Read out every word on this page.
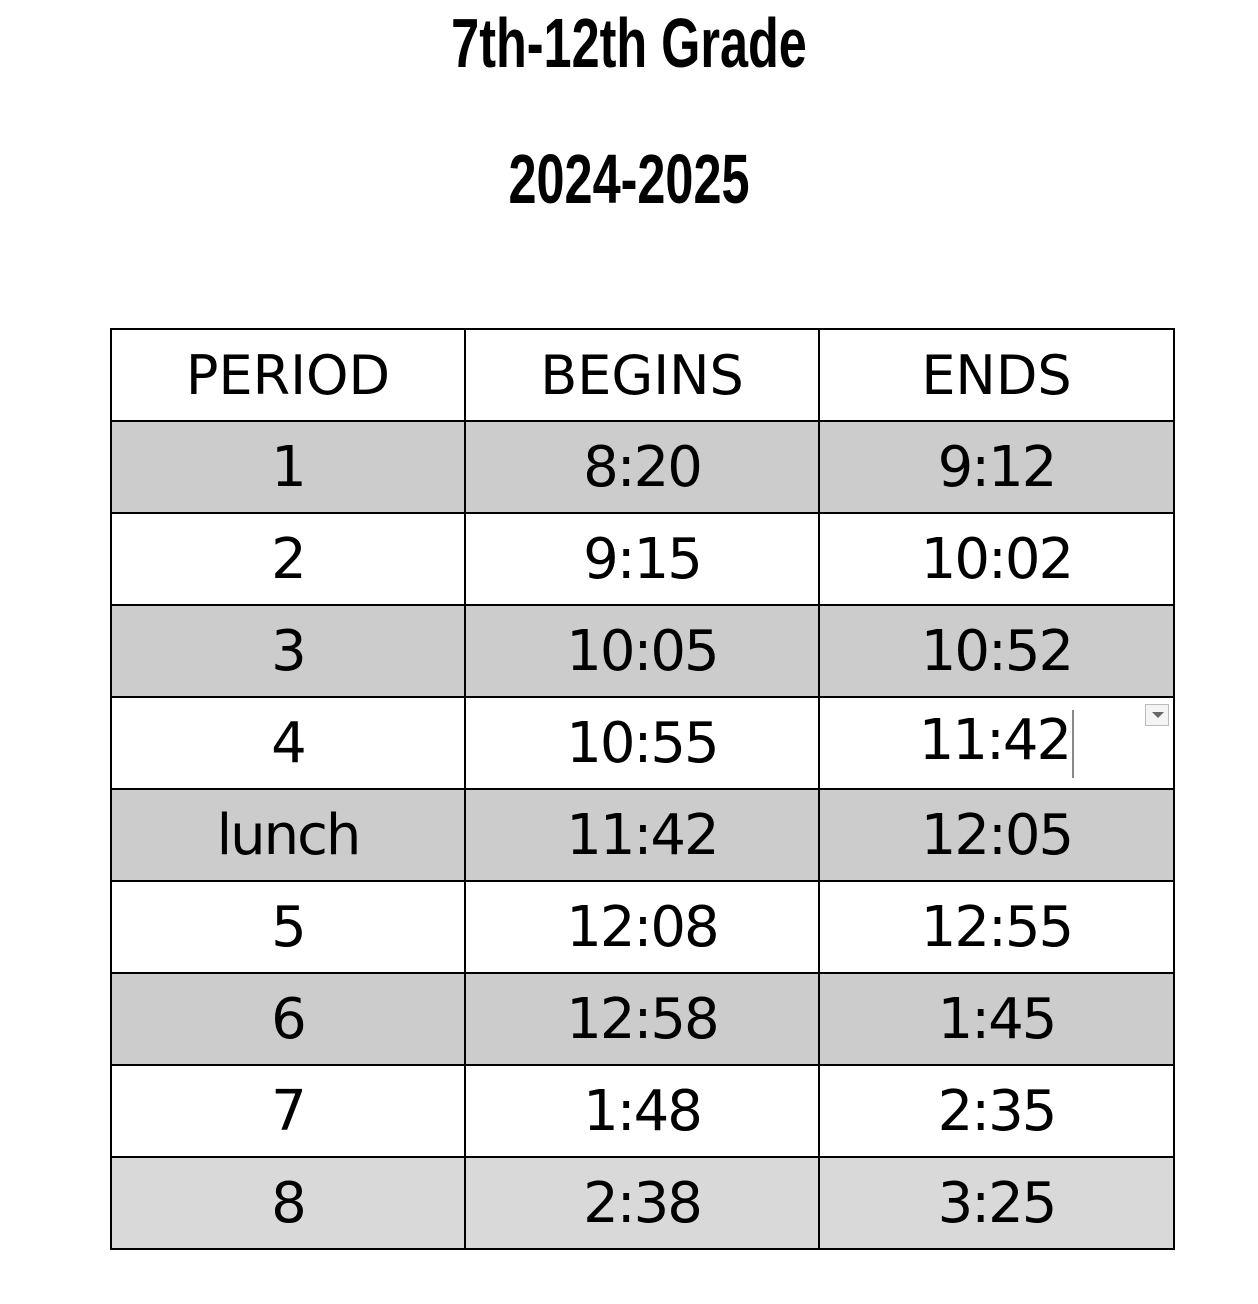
7th-12th Grade
2024-2025
PERIOD	BEGINS	ENDS
1	8:20	9:12
2	9:15	10:02
3	10:05	10:52
4	10:55	11:42

lunch	11:42	12:05
5	12:08	12:55
6	12:58	1:45
7	1:48	2:35
8	2:38	3:25
